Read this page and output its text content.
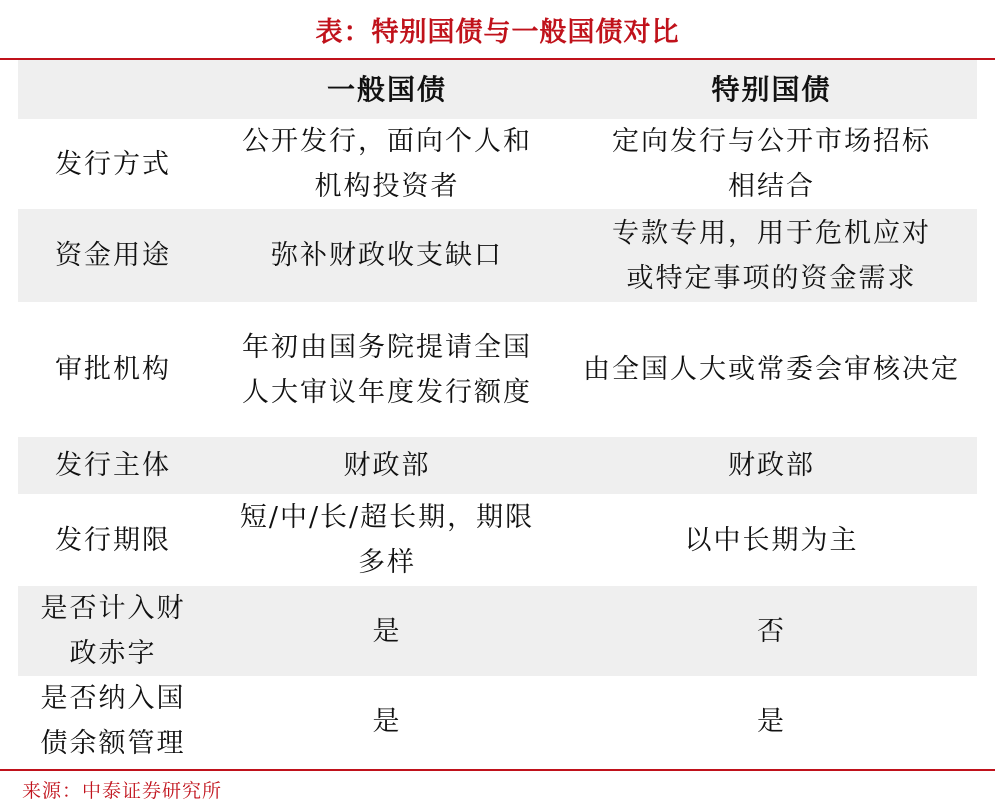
表：特别国债与一般国债对比
	一般国债	特别国债
发行方式	公开发行，面向个人和机构投资者	定向发行与公开市场招标相结合
资金用途	弥补财政收支缺口	专款专用，用于危机应对或特定事项的资金需求
审批机构	年初由国务院提请全国人大审议年度发行额度	由全国人大或常委会审核决定
发行主体	财政部	财政部
发行期限	短/中/长/超长期，期限多样	以中长期为主
是否计入财政赤字	是	否
是否纳入国债余额管理	是	是
来源：中泰证券研究所
